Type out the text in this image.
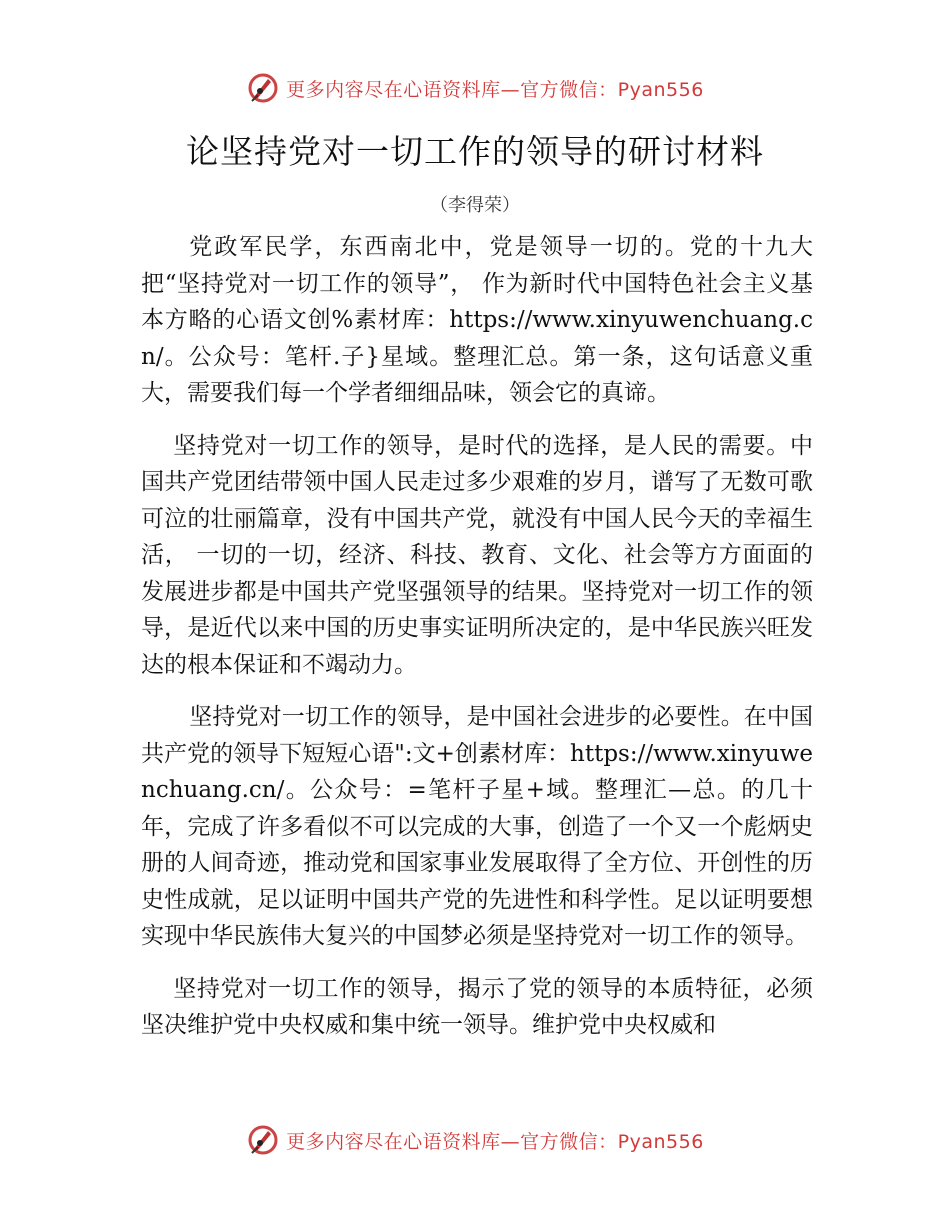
更多内容尽在心语资料库—官方微信：Pyan556
论坚持党对一切工作的领导的研讨材料
（李得荣）

党政军民学，东西南北中，党是领导一切的。党的十九大把“坚持党对一切工作的领导”， 作为新时代中国特色社会主义基本方略的心语文创%素材库：https://www.xinyuwenchuang.cn/。公众号：笔杆.子}星域。整理汇总。第一条，这句话意义重大，需要我们每一个学者细细品味，领会它的真谛。

坚持党对一切工作的领导，是时代的选择，是人民的需要。中国共产党团结带领中国人民走过多少艰难的岁月，谱写了无数可歌可泣的壮丽篇章，没有中国共产党，就没有中国人民今天的幸福生活， 一切的一切，经济、科技、教育、文化、社会等方方面面的发展进步都是中国共产党坚强领导的结果。坚持党对一切工作的领导，是近代以来中国的历史事实证明所决定的，是中华民族兴旺发达的根本保证和不竭动力。

坚持党对一切工作的领导，是中国社会进步的必要性。在中国共产党的领导下短短心语":文+创素材库：https://www.xinyuwenchuang.cn/。公众号：=笔杆子星+域。整理汇—总。的几十年，完成了许多看似不可以完成的大事，创造了一个又一个彪炳史册的人间奇迹，推动党和国家事业发展取得了全方位、开创性的历史性成就，足以证明中国共产党的先进性和科学性。足以证明要想实现中华民族伟大复兴的中国梦必须是坚持党对一切工作的领导。

坚持党对一切工作的领导，揭示了党的领导的本质特征，必须坚决维护党中央权威和集中统一领导。维护党中央权威和

更多内容尽在心语资料库—官方微信：Pyan556
